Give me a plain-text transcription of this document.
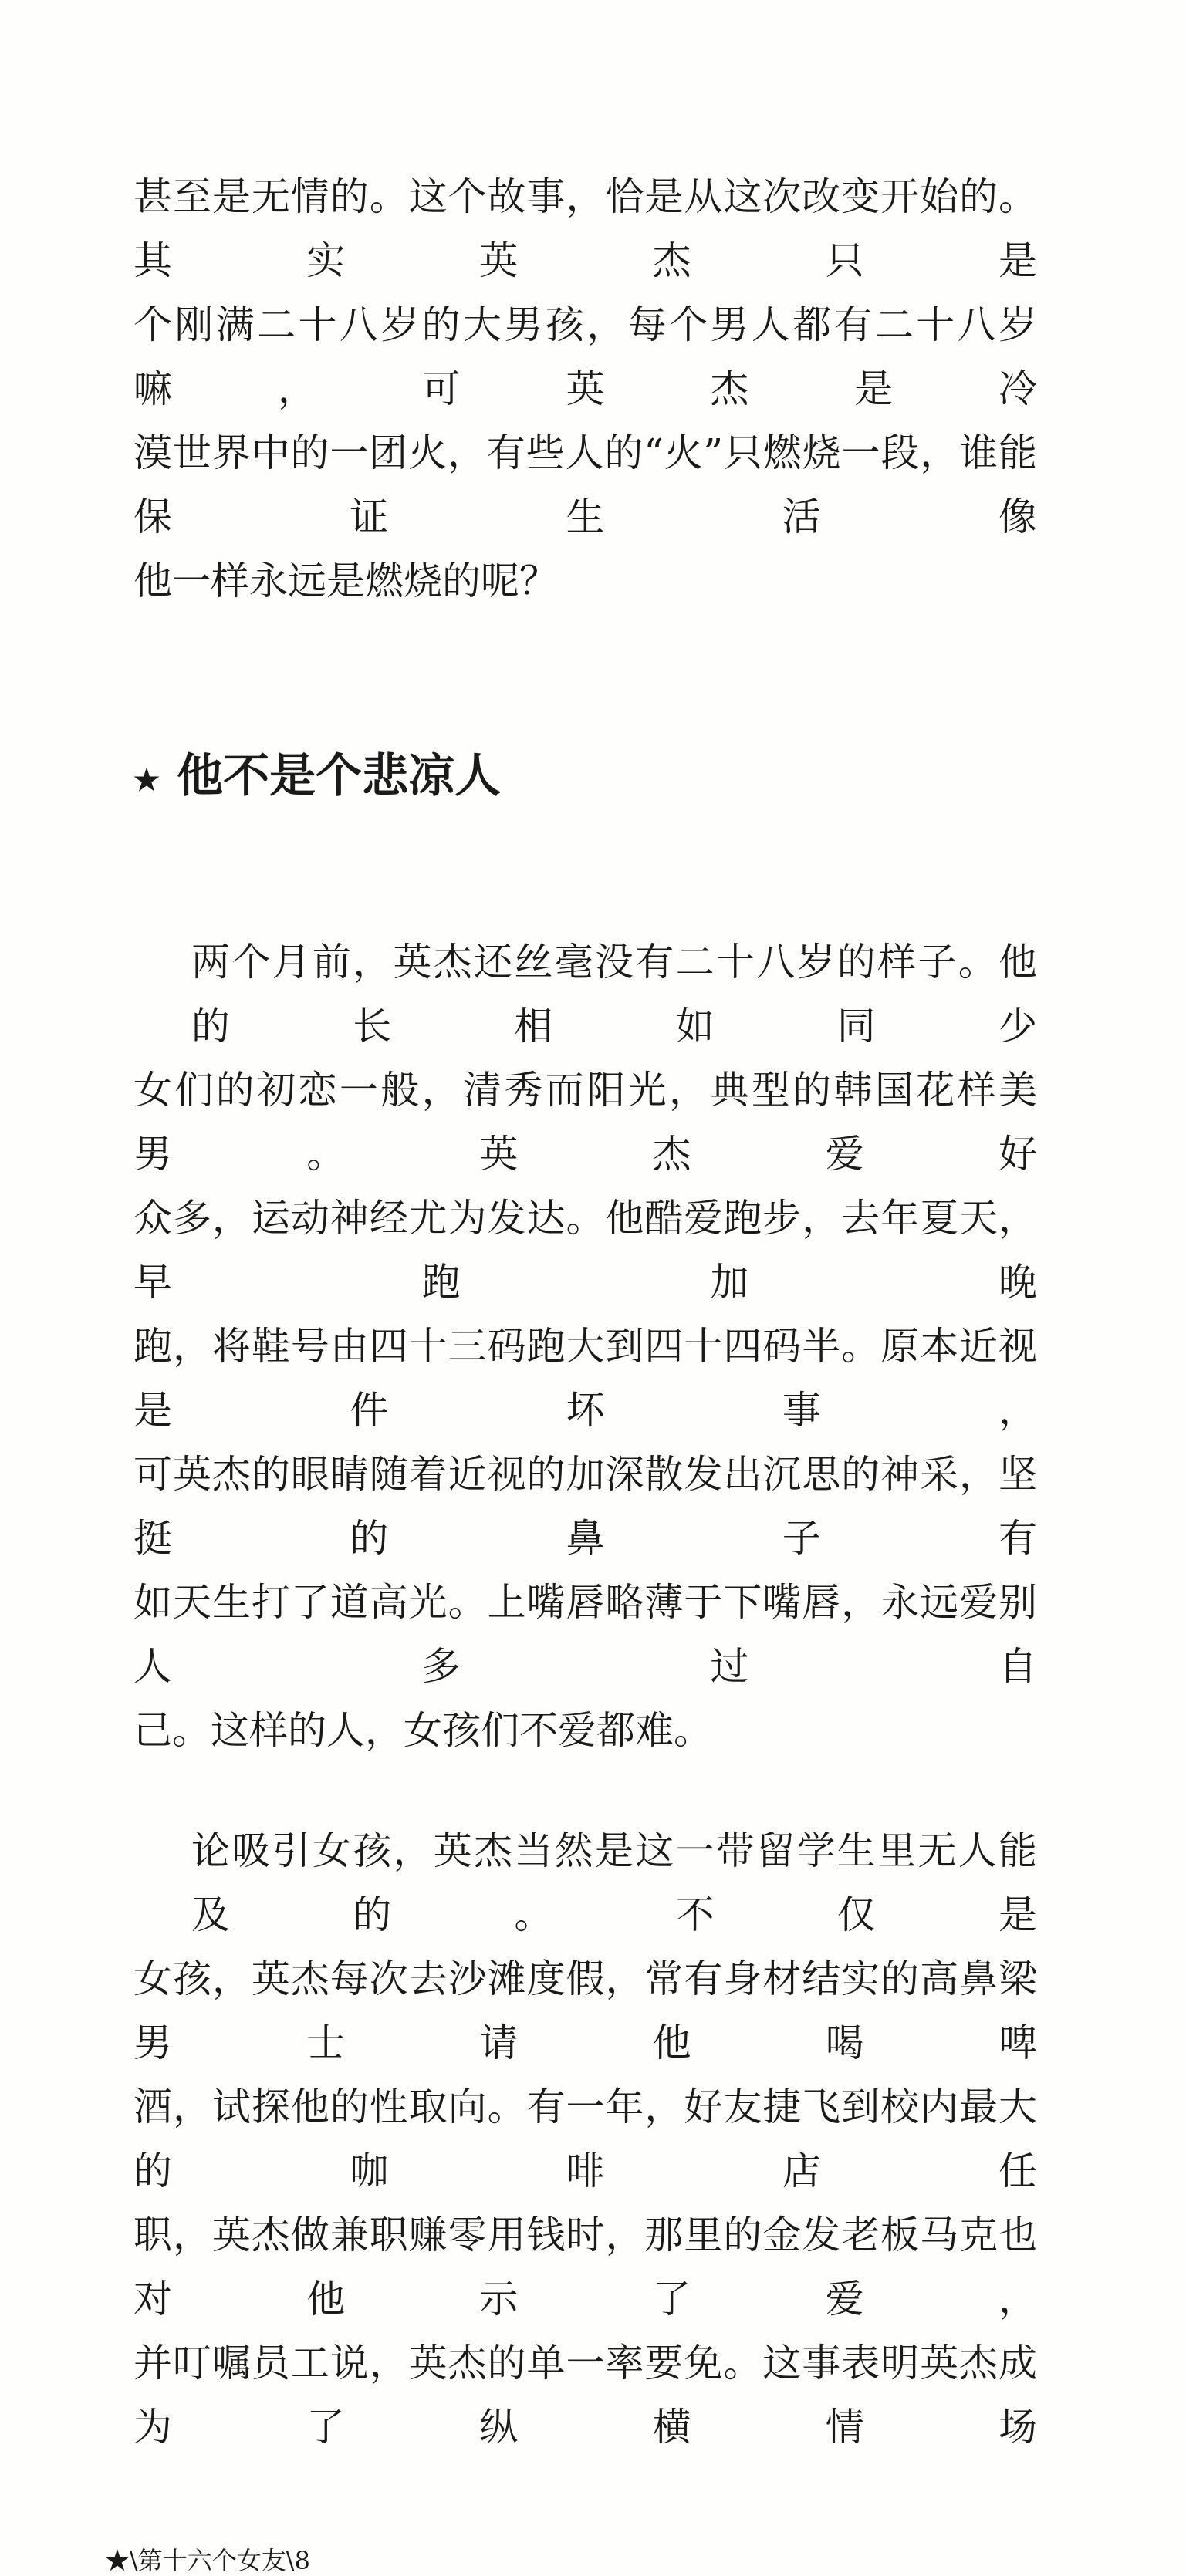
甚至是无情的。这个故事，恰是从这次改变开始的。其实英杰只是
个刚满二十八岁的大男孩，每个男人都有二十八岁嘛，可英杰是冷
漠世界中的一团火，有些人的“火”只燃烧一段，谁能保证生活像
他一样永远是燃烧的呢？
★ 他不是个悲凉人
两个月前，英杰还丝毫没有二十八岁的样子。他的长相如同少
女们的初恋一般，清秀而阳光，典型的韩国花样美男。英杰爱好
众多，运动神经尤为发达。他酷爱跑步，去年夏天，早跑加晚
跑，将鞋号由四十三码跑大到四十四码半。原本近视是件坏事，
可英杰的眼睛随着近视的加深散发出沉思的神采，坚挺的鼻子有
如天生打了道高光。上嘴唇略薄于下嘴唇，永远爱别人多过自
己。这样的人，女孩们不爱都难。
论吸引女孩，英杰当然是这一带留学生里无人能及的。不仅是
女孩，英杰每次去沙滩度假，常有身材结实的高鼻梁男士请他喝啤
酒，试探他的性取向。有一年，好友捷飞到校内最大的咖啡店任
职，英杰做兼职赚零用钱时，那里的金发老板马克也对他示了爱，
并叮嘱员工说，英杰的单一率要免。这事表明英杰成为了纵横情场
★\第十六个女友\8
